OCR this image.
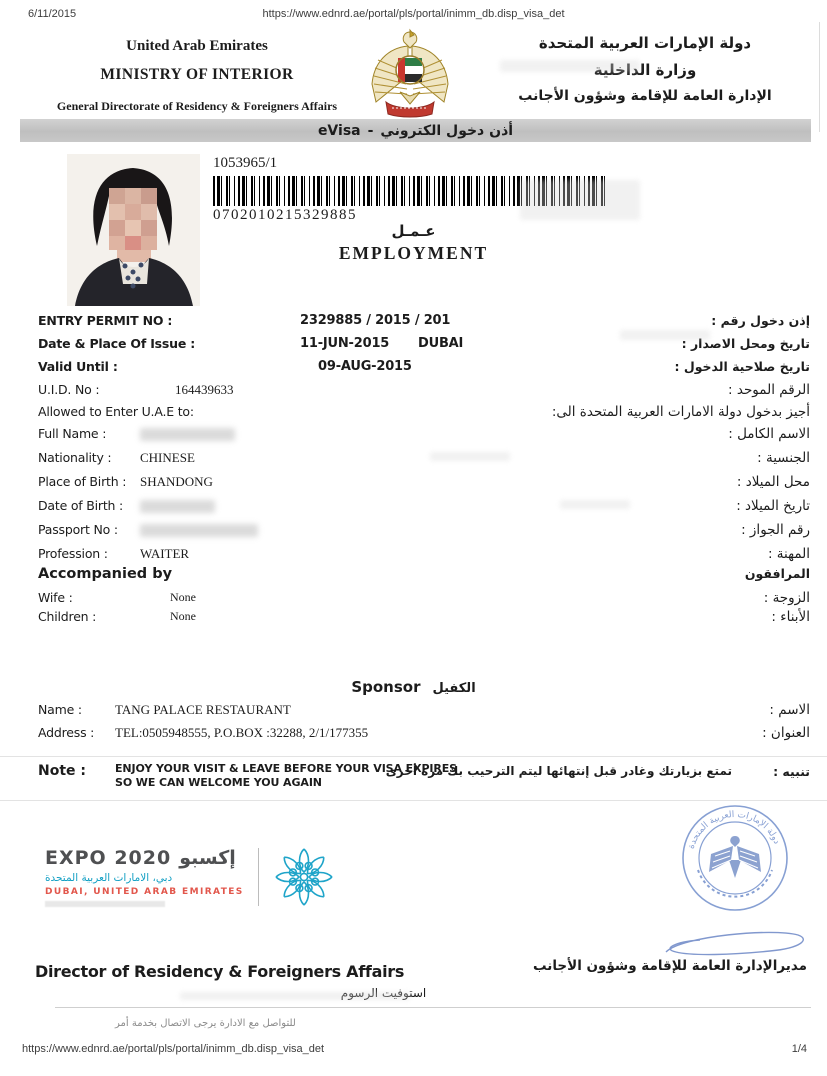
6/11/2015	https://www.ednrd.ae/portal/pls/portal/inimm_db.disp_visa_det
United Arab Emirates
MINISTRY OF INTERIOR
General Directorate of Residency & Foreigners Affairs
دولة الإمارات العربية المتحدة
وزارة الداخلية
الإدارة العامة للإقامة وشؤون الأجانب
eVisa - أذن دخول الكتروني
1053965/1
0702010215329885
عـمـل
EMPLOYMENT
ENTRY PERMIT NO :	2329885 / 2015 / 201	إذن دخول رقم :
Date & Place Of Issue :	11-JUN-2015 DUBAI	تاريخ ومحل الاصدار :
Valid Until :	09-AUG-2015	تاريخ صلاحية الدخول :
U.I.D. No :	164439633	الرقم الموحد :
Allowed to Enter U.A.E to:	أجيز بدخول دولة الامارات العربية المتحدة الى:
Full Name :	الاسم الكامل :
Nationality : CHINESE	الجنسية :
Place of Birth : SHANDONG	محل الميلاد :
Date of Birth :	تاريخ الميلاد :
Passport No :	رقم الجواز :
Profession : WAITER	المهنة :
Accompanied by	المرافقون
Wife :	None	الزوجة :
Children :	None	الأبناء :
Sponsor الكفيل
Name :	TANG PALACE RESTAURANT	الاسم :
Address : TEL:0505948555, P.O.BOX :32288, 2/1/177355	العنوان :
Note :	ENJOY YOUR VISIT & LEAVE BEFORE YOUR VISA EXPIRES SO WE CAN WELCOME YOU AGAIN
تمتع بزيارتك وغادر قبل إنتهائها ليتم الترحيب بك مرة أخرى	تنبيه :
EXPO 2020 إكسبو
دبي، الامارات العربية المتحدة
DUBAI, UNITED ARAB EMIRATES
دولة الإمارات العربية المتحدة
Director of Residency & Foreigners Affairs	مديرالإدارة العامة للإقامة وشؤون الأجانب
استوفيت الرسوم
للتواصل مع الادارة يرجى الاتصال بخدمة أمر
https://www.ednrd.ae/portal/pls/portal/inimm_db.disp_visa_det	1/4
